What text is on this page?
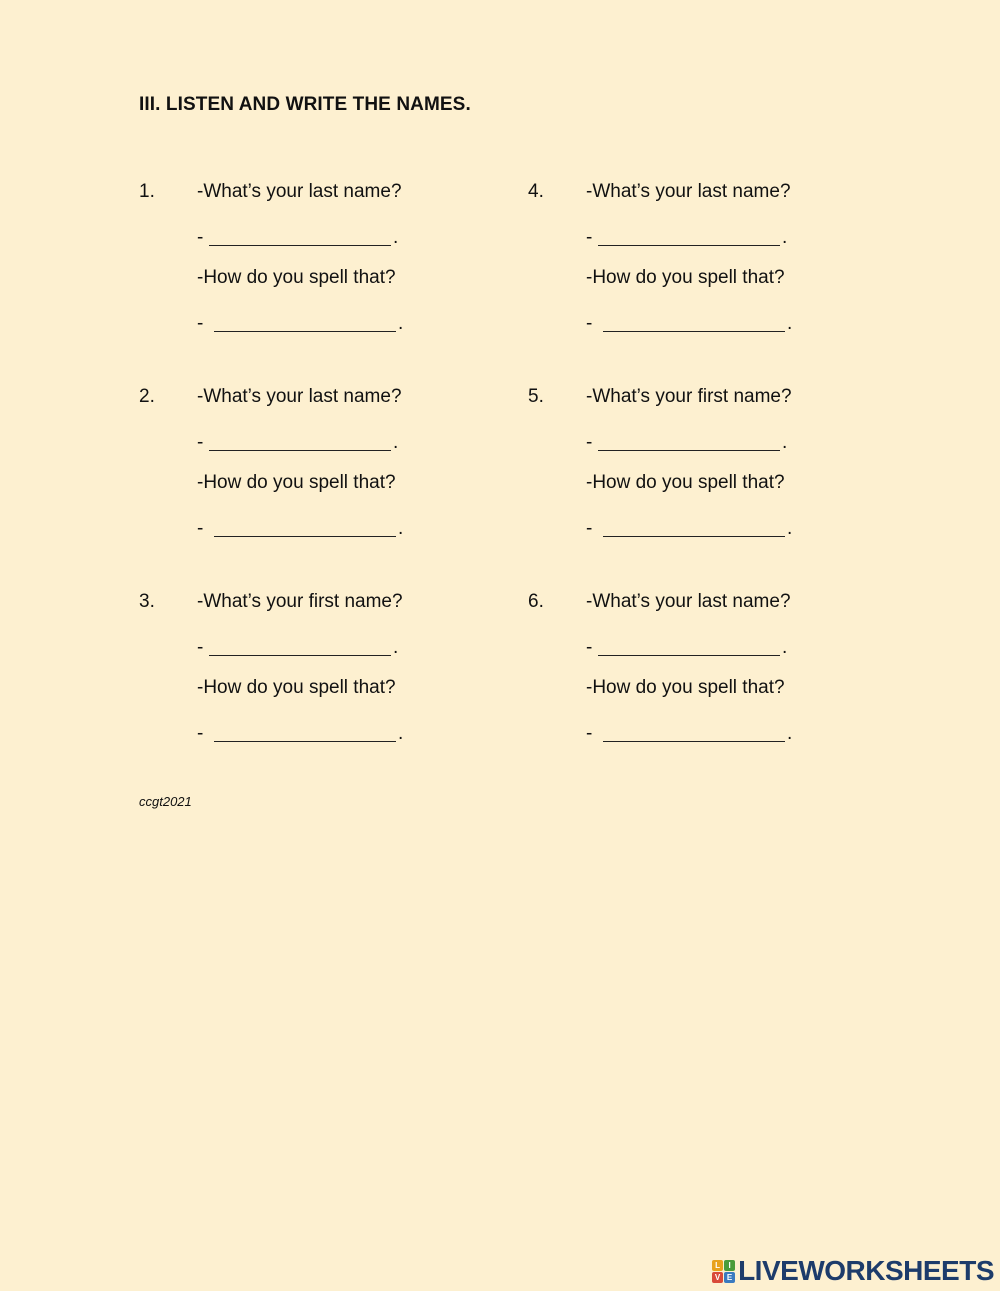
III. LISTEN AND WRITE THE NAMES.
1. -What’s your last name?
-	.
-How do you spell that?
-	.
2. -What’s your last name?
-	.
-How do you spell that?
-	.
3. -What’s your first name?
-	.
-How do you spell that?
-	.
4. -What’s your last name?
-	.
-How do you spell that?
-	.
5. -What’s your first name?
-	.
-How do you spell that?
-	.
6. -What’s your last name?
-	.
-How do you spell that?
-	.
ccgt2021
L	I
V E LIVEWORKSHEETS
